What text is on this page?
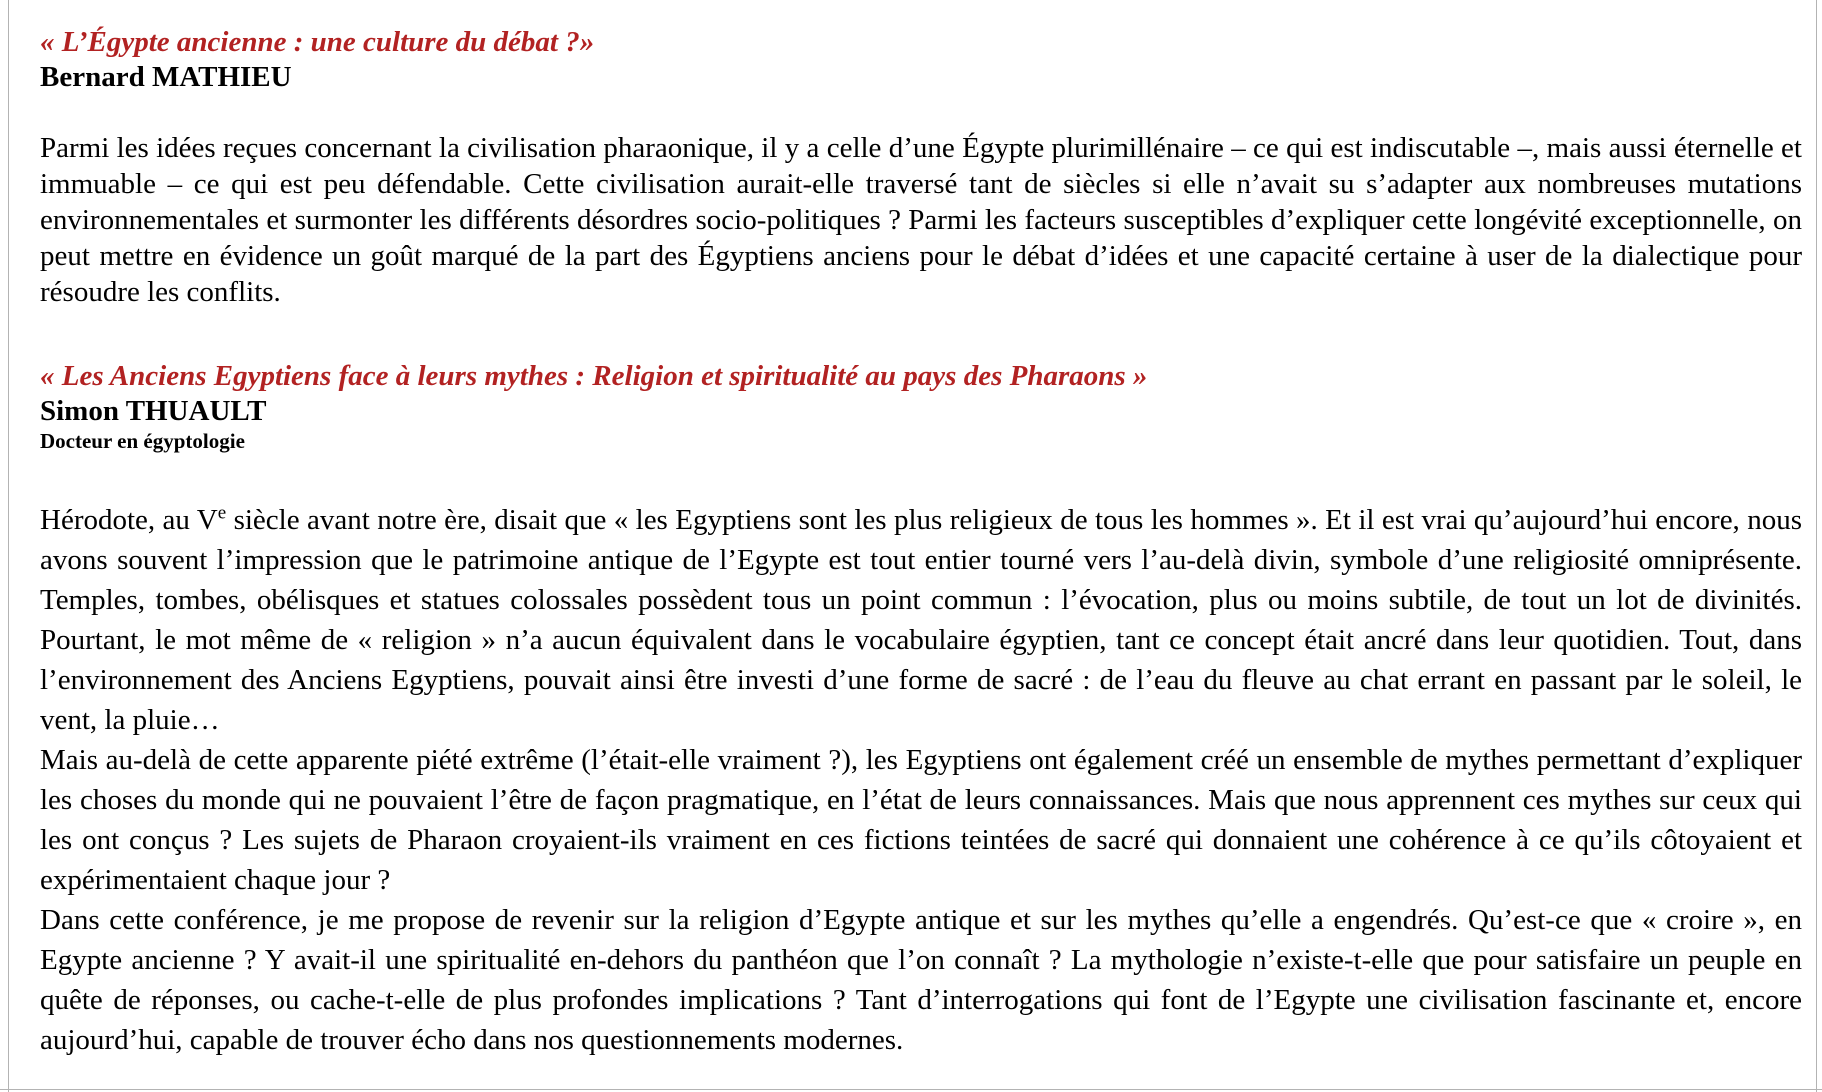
« L’Égypte ancienne : une culture du débat ?»

Bernard MATHIEU

Parmi les idées reçues concernant la civilisation pharaonique, il y a celle d’une Égypte plurimillénaire – ce qui est indiscutable –, mais aussi éternelle et immuable – ce qui est peu défendable. Cette civilisation aurait-elle traversé tant de siècles si elle n’avait su s’adapter aux nombreuses mutations environnementales et surmonter les différents désordres socio-politiques ? Parmi les facteurs susceptibles d’expliquer cette longévité exceptionnelle, on peut mettre en évidence un goût marqué de la part des Égyptiens anciens pour le débat d’idées et une capacité certaine à user de la dialectique pour résoudre les conflits.

« Les Anciens Egyptiens face à leurs mythes : Religion et spiritualité au pays des Pharaons »

Simon THUAULT

Docteur en égyptologie

Hérodote, au Ve siècle avant notre ère, disait que « les Egyptiens sont les plus religieux de tous les hommes ». Et il est vrai qu’aujourd’hui encore, nous avons souvent l’impression que le patrimoine antique de l’Egypte est tout entier tourné vers l’au-delà divin, symbole d’une religiosité omniprésente. Temples, tombes, obélisques et statues colossales possèdent tous un point commun : l’évocation, plus ou moins subtile, de tout un lot de divinités. Pourtant, le mot même de « religion » n’a aucun équivalent dans le vocabulaire égyptien, tant ce concept était ancré dans leur quotidien. Tout, dans l’environnement des Anciens Egyptiens, pouvait ainsi être investi d’une forme de sacré : de l’eau du fleuve au chat errant en passant par le soleil, le vent, la pluie…

Mais au-delà de cette apparente piété extrême (l’était-elle vraiment ?), les Egyptiens ont également créé un ensemble de mythes permettant d’expliquer les choses du monde qui ne pouvaient l’être de façon pragmatique, en l’état de leurs connaissances. Mais que nous apprennent ces mythes sur ceux qui les ont conçus ? Les sujets de Pharaon croyaient-ils vraiment en ces fictions teintées de sacré qui donnaient une cohérence à ce qu’ils côtoyaient et expérimentaient chaque jour ?

Dans cette conférence, je me propose de revenir sur la religion d’Egypte antique et sur les mythes qu’elle a engendrés. Qu’est-ce que « croire », en Egypte ancienne ? Y avait-il une spiritualité en-dehors du panthéon que l’on connaît ? La mythologie n’existe-t-elle que pour satisfaire un peuple en quête de réponses, ou cache-t-elle de plus profondes implications ? Tant d’interrogations qui font de l’Egypte une civilisation fascinante et, encore aujourd’hui, capable de trouver écho dans nos questionnements modernes.
